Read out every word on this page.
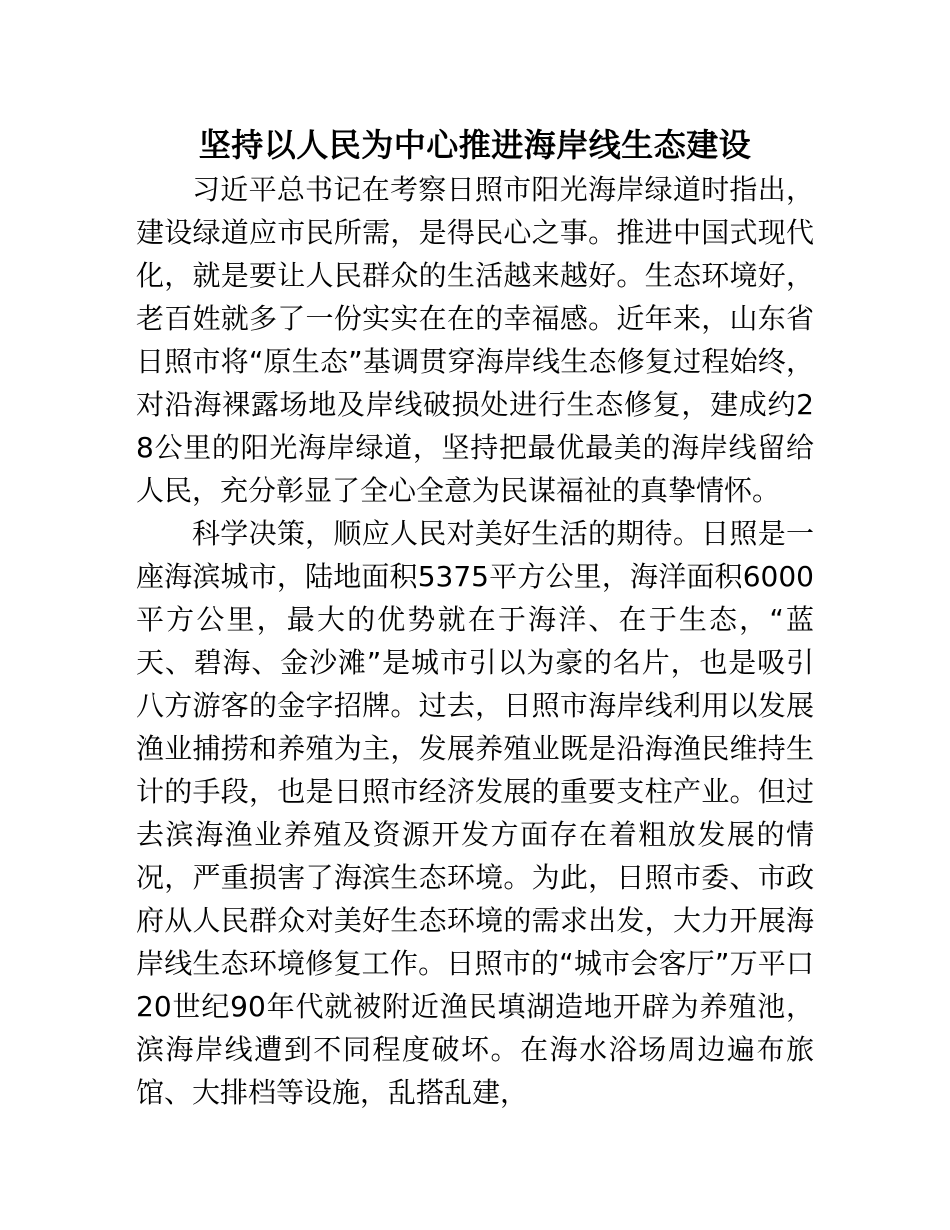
坚持以人民为中心推进海岸线生态建设

习近平总书记在考察日照市阳光海岸绿道时指出，建设绿道应市民所需，是得民心之事。推进中国式现代化，就是要让人民群众的生活越来越好。生态环境好，老百姓就多了一份实实在在的幸福感。近年来，山东省日照市将“原生态”基调贯穿海岸线生态修复过程始终，对沿海裸露场地及岸线破损处进行生态修复，建成约28公里的阳光海岸绿道，坚持把最优最美的海岸线留给人民，充分彰显了全心全意为民谋福祉的真挚情怀。

科学决策，顺应人民对美好生活的期待。日照是一座海滨城市，陆地面积5375平方公里，海洋面积6000平方公里，最大的优势就在于海洋、在于生态，“蓝天、碧海、金沙滩”是城市引以为豪的名片，也是吸引八方游客的金字招牌。过去，日照市海岸线利用以发展渔业捕捞和养殖为主，发展养殖业既是沿海渔民维持生计的手段，也是日照市经济发展的重要支柱产业。但过去滨海渔业养殖及资源开发方面存在着粗放发展的情况，严重损害了海滨生态环境。为此，日照市委、市政府从人民群众对美好生态环境的需求出发，大力开展海岸线生态环境修复工作。日照市的“城市会客厅”万平口20世纪90年代就被附近渔民填湖造地开辟为养殖池，滨海岸线遭到不同程度破坏。在海水浴场周边遍布旅馆、大排档等设施，乱搭乱建，
